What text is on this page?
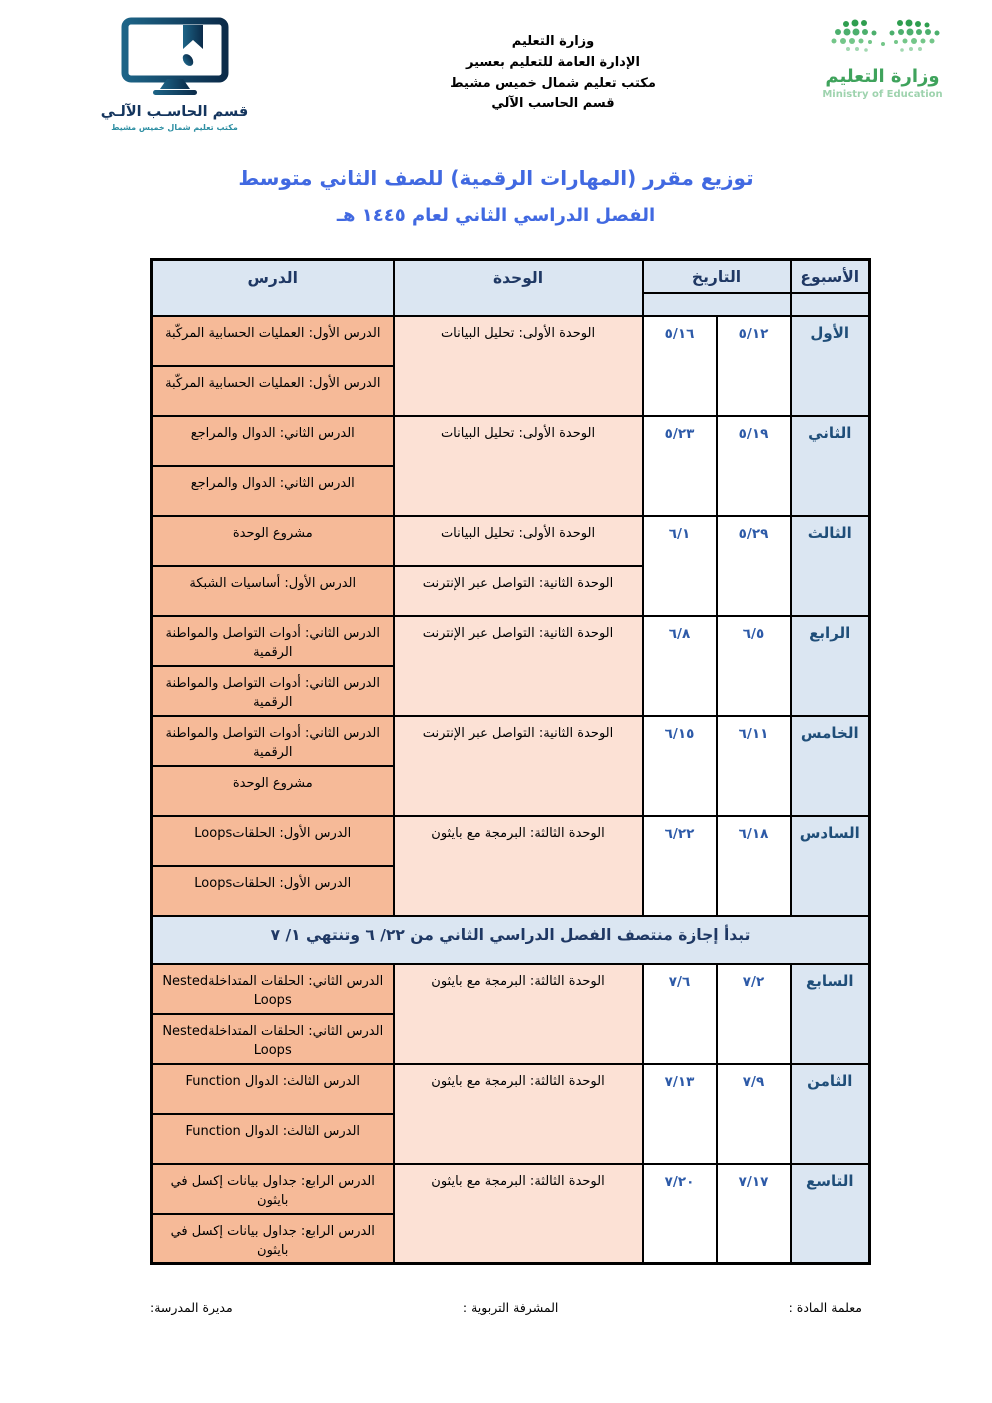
قسم الحاسـب الآلـي
مكتب تعليم شمال خميس مشيط
وزارة التعليم
الإدارة العامة للتعليم بعسير
مكتب تعليم شمال خميس مشيط
قسم الحاسب الآلي
وزارة التعليم
Ministry of Education
توزيع مقرر (المهارات الرقمية) للصف الثاني متوسط
الفصل الدراسي الثاني لعام ١٤٤٥ هـ
الأسبوع	التاريخ		الوحدة	الدرس

الأول	٥/١٢	٥/١٦	الوحدة الأولى: تحليل البيانات	الدرس الأول: العمليات الحسابية المركّبة
				الدرس الأول: العمليات الحسابية المركّبة
الثاني	٥/١٩	٥/٢٣	الوحدة الأولى: تحليل البيانات	الدرس الثاني: الدوال والمراجع
				الدرس الثاني: الدوال والمراجع
الثالث	٥/٢٩	٦/١	الوحدة الأولى: تحليل البيانات	مشروع الوحدة
			الوحدة الثانية: التواصل عبر الإنترنت	الدرس الأول: أساسيات الشبكة
الرابع	٦/٥	٦/٨	الوحدة الثانية: التواصل عبر الإنترنت	الدرس الثاني: أدوات التواصل والمواطنة الرقمية
				الدرس الثاني: أدوات التواصل والمواطنة الرقمية
الخامس	٦/١١	٦/١٥	الوحدة الثانية: التواصل عبر الإنترنت	الدرس الثاني: أدوات التواصل والمواطنة الرقمية
				مشروع الوحدة
السادس	٦/١٨	٦/٢٢	الوحدة الثالثة: البرمجة مع بايثون	الدرس الأول: الحلقاتLoops
				الدرس الأول: الحلقاتLoops
تبدأ إجازة منتصف الفصل الدراسي الثاني من ٢٢/ ٦ وتنتهي ١/ ٧				
السابع	٧/٢	٧/٦	الوحدة الثالثة: البرمجة مع بايثون	الدرس الثاني: الحلقات المتداخلةNested Loops
				الدرس الثاني: الحلقات المتداخلةNested Loops
الثامن	٧/٩	٧/١٣	الوحدة الثالثة: البرمجة مع بايثون	الدرس الثالث: الدوال Function
				الدرس الثالث: الدوال Function
التاسع	٧/١٧	٧/٢٠	الوحدة الثالثة: البرمجة مع بايثون	الدرس الرابع: جداول بيانات إكسل في بايثون
				الدرس الرابع: جداول بيانات إكسل في بايثون
معلمة المادة :
المشرفة التربوية :
مديرة المدرسة:
